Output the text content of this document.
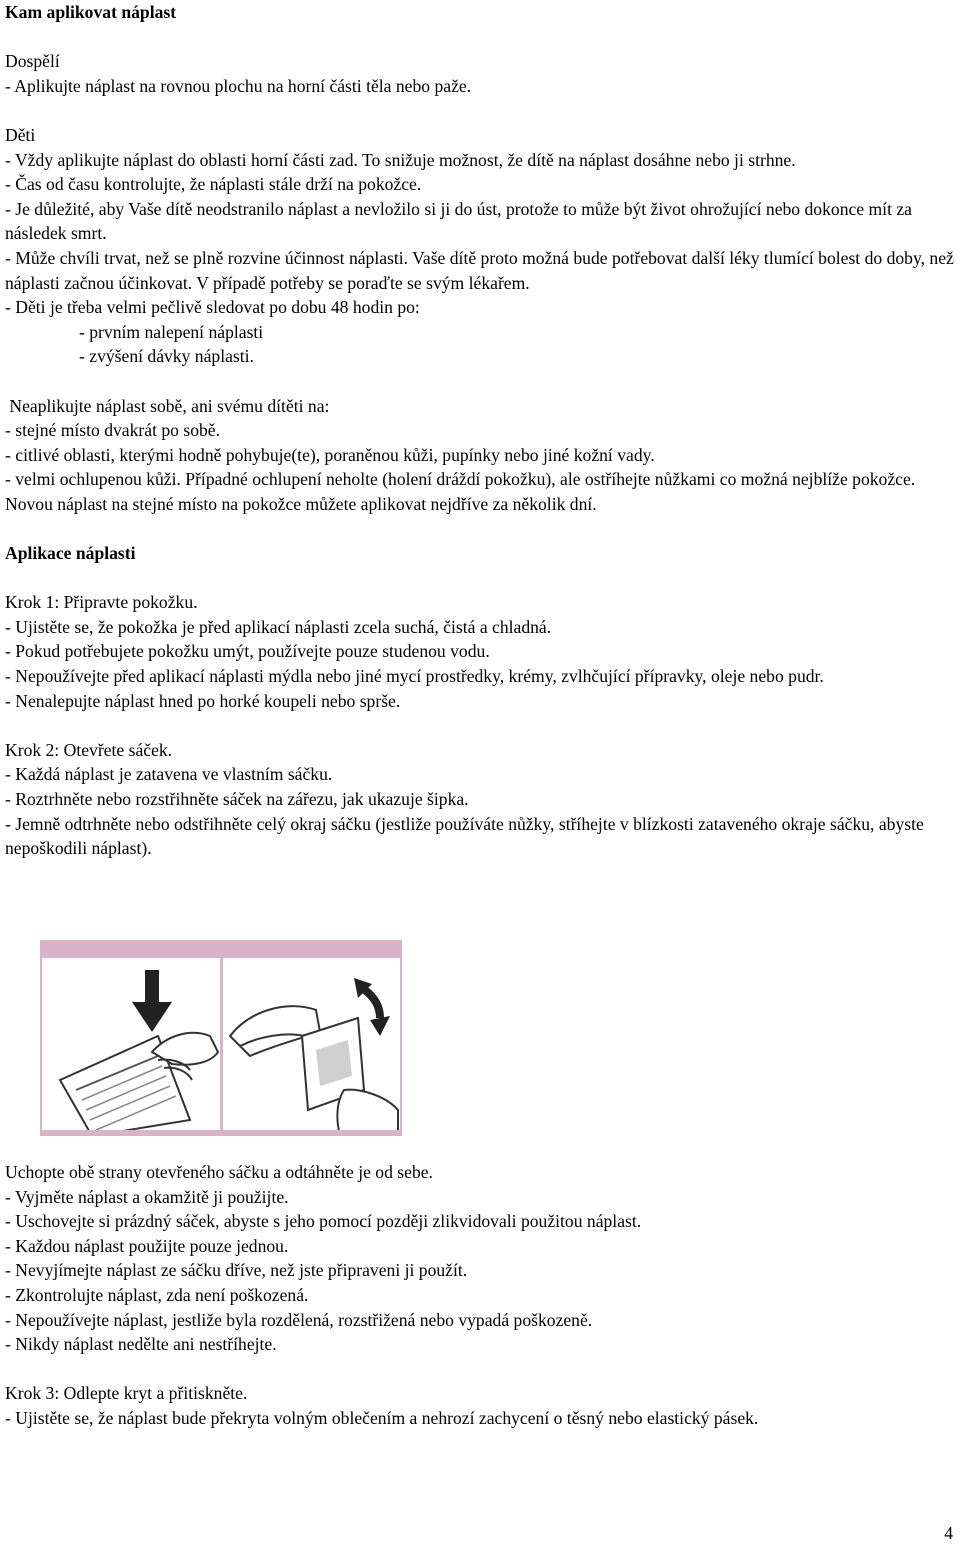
Kam aplikovat náplast

Dospělí

- Aplikujte náplast na rovnou plochu na horní části těla nebo paže.

Děti

- Vždy aplikujte náplast do oblasti horní části zad. To snižuje možnost, že dítě na náplast dosáhne nebo ji strhne.

- Čas od času kontrolujte, že náplasti stále drží na pokožce.

- Je důležité, aby Vaše dítě neodstranilo náplast a nevložilo si ji do úst, protože to může být život ohrožující nebo dokonce mít za následek smrt.

- Může chvíli trvat, než se plně rozvine účinnost náplasti. Vaše dítě proto možná bude potřebovat další léky tlumící bolest do doby, než náplasti začnou účinkovat. V případě potřeby se poraďte se svým lékařem.

- Děti je třeba velmi pečlivě sledovat po dobu 48 hodin po:

- prvním nalepení náplasti

- zvýšení dávky náplasti.

Neaplikujte náplast sobě, ani svému dítěti na:

- stejné místo dvakrát po sobě.

- citlivé oblasti, kterými hodně pohybuje(te), poraněnou kůži, pupínky nebo jiné kožní vady.

- velmi ochlupenou kůži. Případné ochlupení neholte (holení dráždí pokožku), ale ostříhejte nůžkami co možná nejblíže pokožce.

Novou náplast na stejné místo na pokožce můžete aplikovat nejdříve za několik dní.

Aplikace náplasti

Krok 1: Připravte pokožku.

- Ujistěte se, že pokožka je před aplikací náplasti zcela suchá, čistá a chladná.

- Pokud potřebujete pokožku umýt, používejte pouze studenou vodu.

- Nepoužívejte před aplikací náplasti mýdla nebo jiné mycí prostředky, krémy, zvlhčující přípravky, oleje nebo pudr.

- Nenalepujte náplast hned po horké koupeli nebo sprše.

Krok 2: Otevřete sáček.

- Každá náplast je zatavena ve vlastním sáčku.

- Roztrhněte nebo rozstřihněte sáček na zářezu, jak ukazuje šipka.

- Jemně odtrhněte nebo odstřihněte celý okraj sáčku (jestliže používáte nůžky, stříhejte v blízkosti zataveného okraje sáčku, abyste nepoškodili náplast).

Uchopte obě strany otevřeného sáčku a odtáhněte je od sebe.

- Vyjměte náplast a okamžitě ji použijte.

- Uschovejte si prázdný sáček, abyste s jeho pomocí později zlikvidovali použitou náplast.

- Každou náplast použijte pouze jednou.

- Nevyjímejte náplast ze sáčku dříve, než jste připraveni ji použít.

- Zkontrolujte náplast, zda není poškozená.

- Nepoužívejte náplast, jestliže byla rozdělená, rozstřižená nebo vypadá poškozeně.

- Nikdy náplast nedělte ani nestříhejte.

Krok 3: Odlepte kryt a přitiskněte.

- Ujistěte se, že náplast bude překryta volným oblečením a nehrozí zachycení o těsný nebo elastický pásek.

4
